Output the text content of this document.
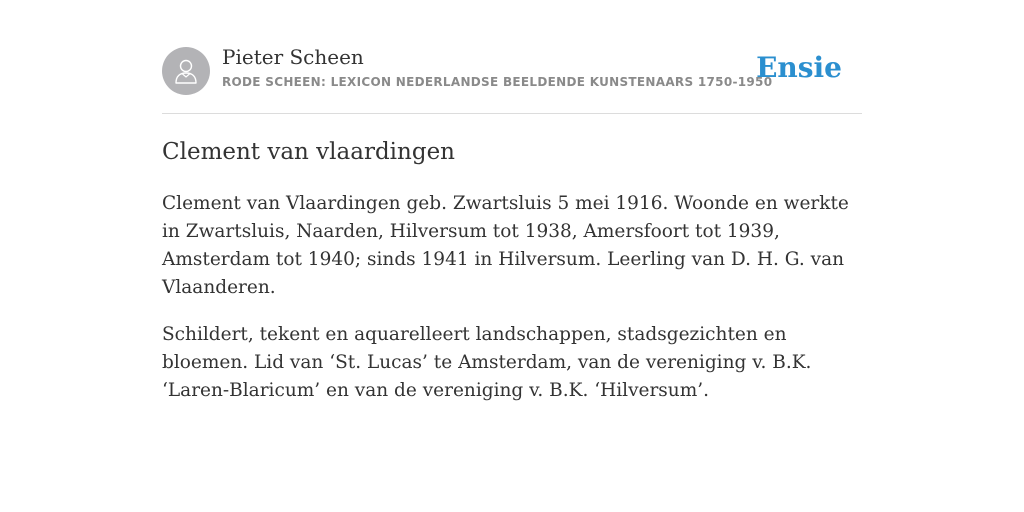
Pieter Scheen
RODE SCHEEN: LEXICON NEDERLANDSE BEELDENDE KUNSTENAARS 1750-1950
Ensie
Clement van vlaardingen

Clement van Vlaardingen geb. Zwartsluis 5 mei 1916. Woonde en werkte in Zwartsluis, Naarden, Hilversum tot 1938, Amersfoort tot 1939, Amsterdam tot 1940; sinds 1941 in Hilversum. Leerling van D. H. G. van Vlaanderen.

Schildert, tekent en aquarelleert landschappen, stadsgezichten en bloemen. Lid van ‘St. Lucas’ te Amsterdam, van de vereniging v. B.K. ‘Laren-Blaricum’ en van de vereniging v. B.K. ‘Hilversum’.
